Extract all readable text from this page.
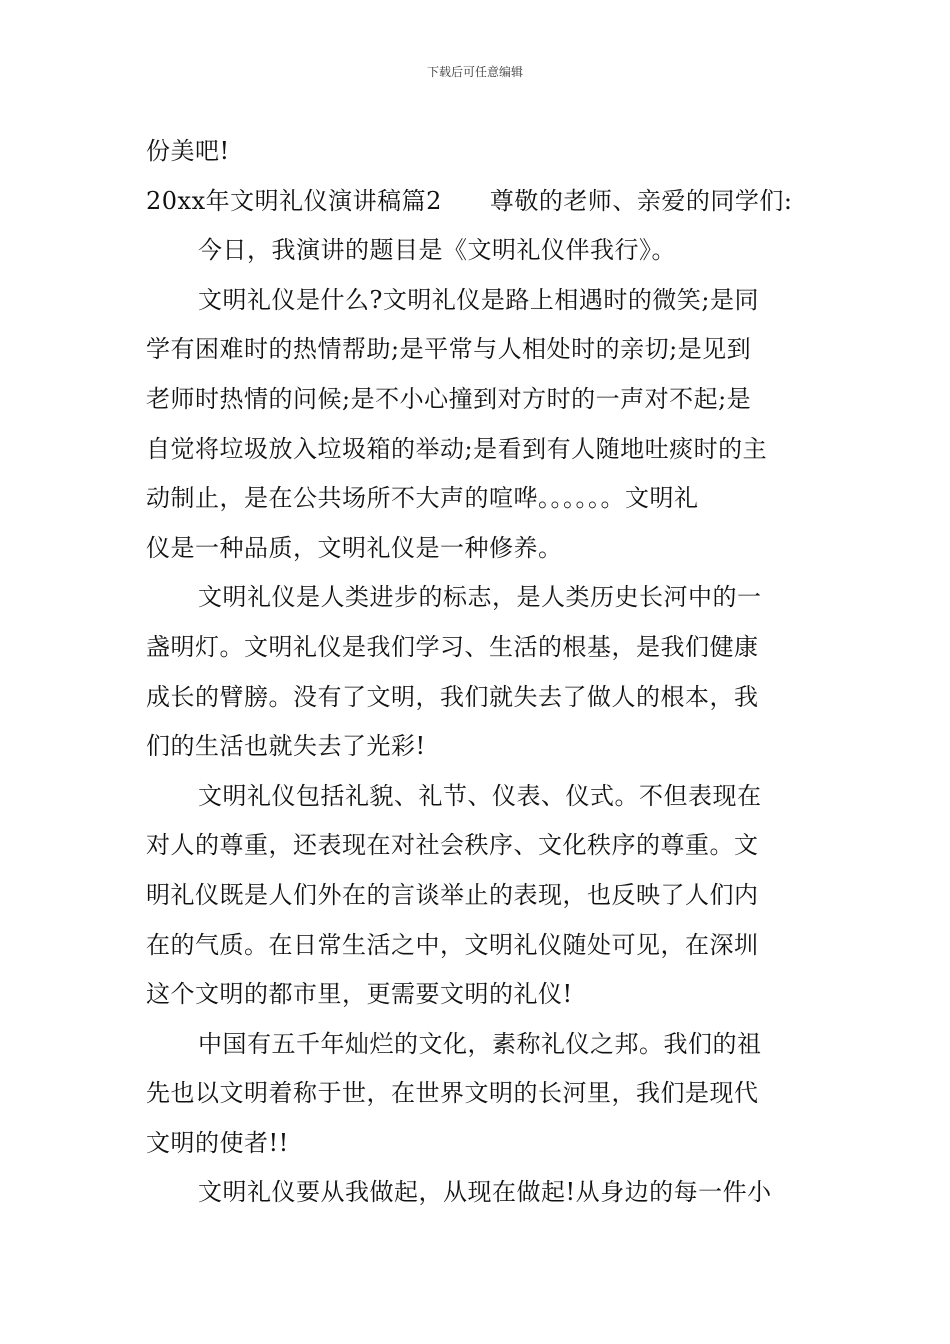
下载后可任意编辑
份美吧!
20xx年文明礼仪演讲稿篇2 尊敬的老师、亲爱的同学们:
今日，我演讲的题目是《文明礼仪伴我行》。
文明礼仪是什么?文明礼仪是路上相遇时的微笑;是同
学有困难时的热情帮助;是平常与人相处时的亲切;是见到
老师时热情的问候;是不小心撞到对方时的一声对不起;是
自觉将垃圾放入垃圾箱的举动;是看到有人随地吐痰时的主
动制止，是在公共场所不大声的喧哗。。。。。。文明礼
仪是一种品质，文明礼仪是一种修养。
文明礼仪是人类进步的标志，是人类历史长河中的一
盏明灯。文明礼仪是我们学习、生活的根基，是我们健康
成长的臂膀。没有了文明，我们就失去了做人的根本，我
们的生活也就失去了光彩!
文明礼仪包括礼貌、礼节、仪表、仪式。不但表现在
对人的尊重，还表现在对社会秩序、文化秩序的尊重。文
明礼仪既是人们外在的言谈举止的表现，也反映了人们内
在的气质。在日常生活之中，文明礼仪随处可见，在深圳
这个文明的都市里，更需要文明的礼仪!
中国有五千年灿烂的文化，素称礼仪之邦。我们的祖
先也以文明着称于世，在世界文明的长河里，我们是现代
文明的使者!!
文明礼仪要从我做起，从现在做起!从身边的每一件小
